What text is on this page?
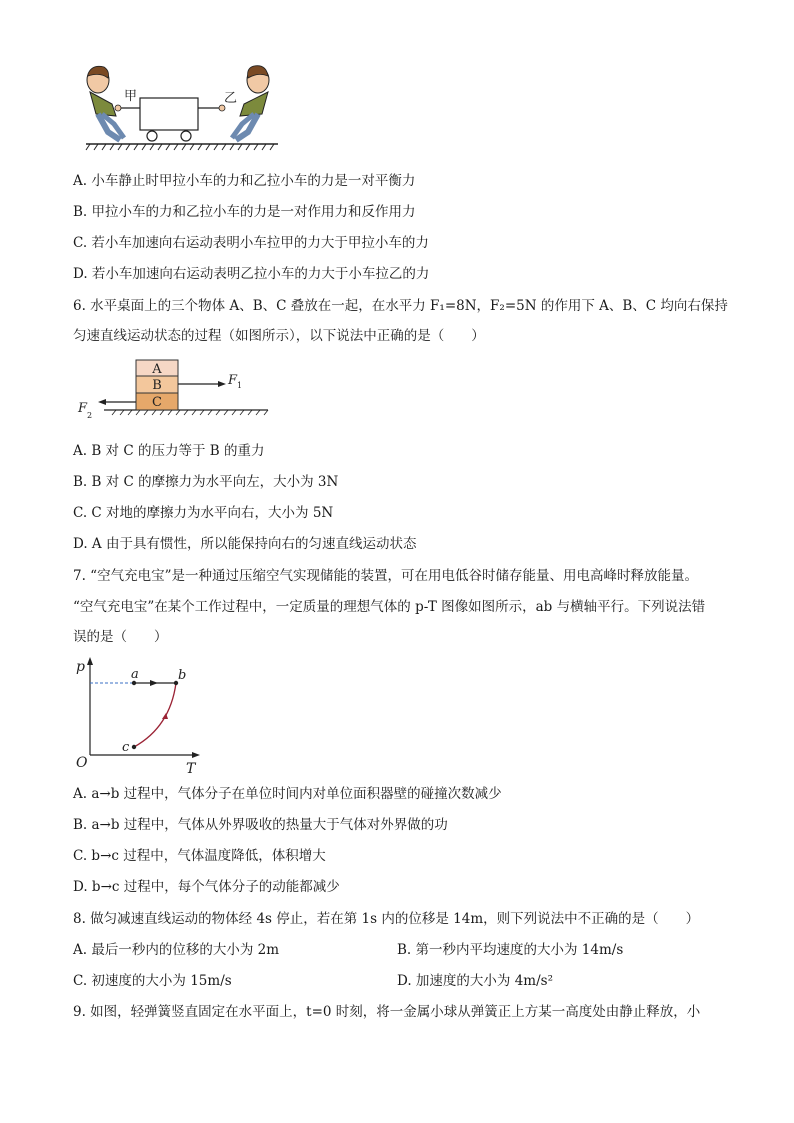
甲	乙
A. 小车静止时甲拉小车的力和乙拉小车的力是一对平衡力
B. 甲拉小车的力和乙拉小车的力是一对作用力和反作用力
C. 若小车加速向右运动表明小车拉甲的力大于甲拉小车的力
D. 若小车加速向右运动表明乙拉小车的力大于小车拉乙的力
6. 水平桌面上的三个物体 A、B、C 叠放在一起，在水平力 F₁=8N，F₂=5N 的作用下 A、B、C 均向右保持
匀速直线运动状态的过程（如图所示），以下说法中正确的是（　　）
A
B
C
F 1
F 2
A. B 对 C 的压力等于 B 的重力
B. B 对 C 的摩擦力为水平向左，大小为 3N
C. C 对地的摩擦力为水平向右，大小为 5N
D. A 由于具有惯性，所以能保持向右的匀速直线运动状态
7. “空气充电宝”是一种通过压缩空气实现储能的装置，可在用电低谷时储存能量、用电高峰时释放能量。
“空气充电宝”在某个工作过程中，一定质量的理想气体的 p-T 图像如图所示，ab 与横轴平行。下列说法错
误的是（　　）
p
T
O
a	b
c
A. a→b 过程中，气体分子在单位时间内对单位面积器壁的碰撞次数减少
B. a→b 过程中，气体从外界吸收的热量大于气体对外界做的功
C. b→c 过程中，气体温度降低，体积增大
D. b→c 过程中，每个气体分子的动能都减少
8. 做匀减速直线运动的物体经 4s 停止，若在第 1s 内的位移是 14m，则下列说法中不正确的是（　　）
A. 最后一秒内的位移的大小为 2m	B. 第一秒内平均速度的大小为 14m/s
C. 初速度的大小为 15m/s	D. 加速度的大小为 4m/s²
9. 如图，轻弹簧竖直固定在水平面上，t=0 时刻，将一金属小球从弹簧正上方某一高度处由静止释放，小
